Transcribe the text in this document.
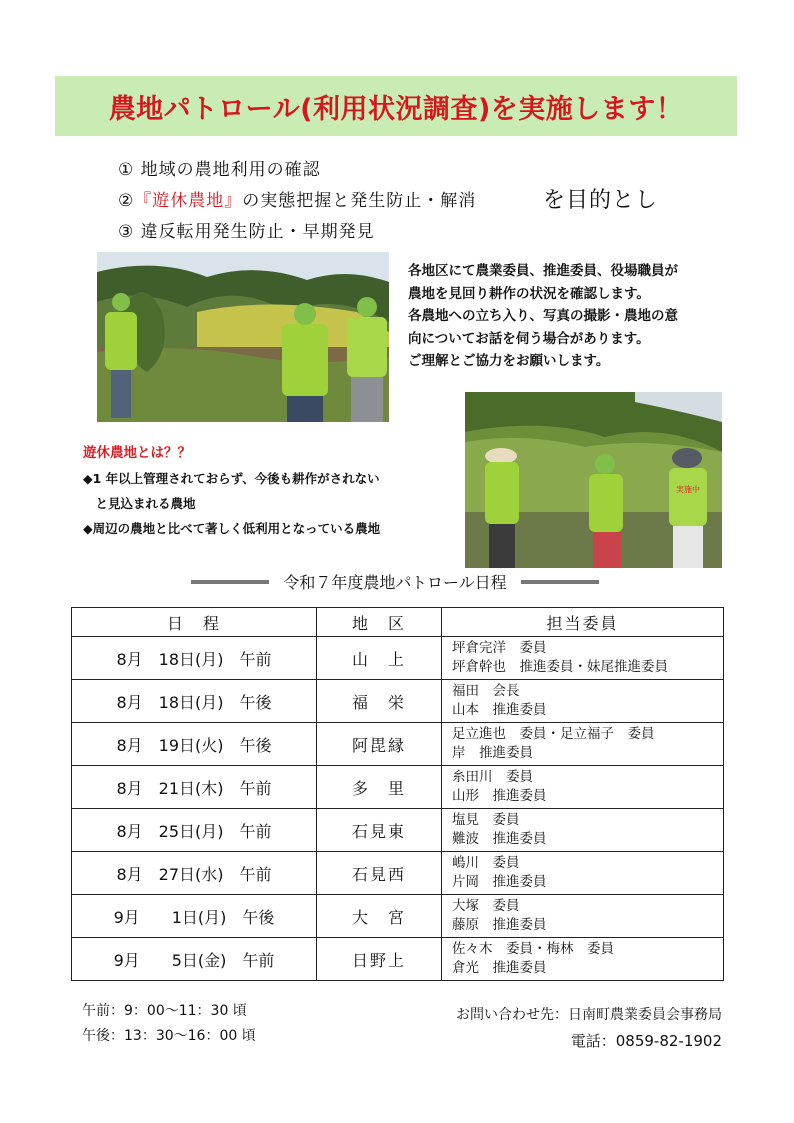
農地パトロール(利用状況調査)を実施します！
① 地域の農地利用の確認
②『遊休農地』の実態把握と発生防止・解消
③ 違反転用発生防止・早期発見
を目的とし
各地区にて農業委員、推進委員、役場職員が
農地を見回り耕作の状況を確認します。
各農地への立ち入り、写真の撮影・農地の意
向についてお話を伺う場合があります。
ご理解とご協力をお願いします。
実施中
遊休農地とは？？
◆1 年以上管理されておらず、今後も耕作がされない
　と見込まれる農地
◆周辺の農地と比べて著しく低利用となっている農地
令和７年度農地パトロール日程
日　程	地　区	担当委員
8月　18日(月)　午前	山　上	坪倉完洋　委員
坪倉幹也　推進委員・妹尾推進委員

8月　18日(月)　午後	福　栄	福田　会長
山本　推進委員

8月　19日(火)　午後	阿毘縁	足立進也　委員・足立福子　委員
岸　推進委員

8月　21日(木)　午前	多　里	糸田川　委員
山形　推進委員

8月　25日(月)　午前	石見東	塩見　委員
難波　推進委員

8月　27日(水)　午前	石見西	嶋川　委員
片岡　推進委員

9月　　1日(月)　午後	大　宮	大塚　委員
藤原　推進委員

9月　　5日(金)　午前	日野上	佐々木　委員・梅林　委員
倉光　推進委員
午前：9：00～11：30 頃
午後：13：30～16：00 頃
お問い合わせ先：日南町農業委員会事務局
電話：0859-82-1902
